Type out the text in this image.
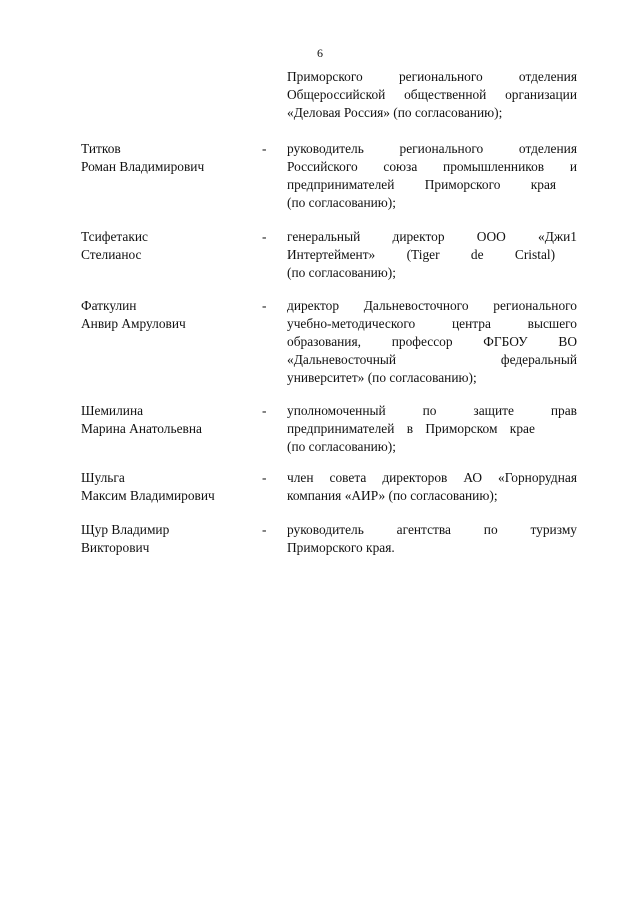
6
Приморского регионального отделения
Общероссийской общественной организации
«Деловая Россия» (по согласованию);
Титков
Роман Владимирович
- руководитель регионального отделения
Российского союза промышленников и
предпринимателей Приморского края
(по согласованию);
Тсифетакис
Стелианос
- генеральный директор ООО «Джи1
Интертеймент» (Tiger de Cristal)
(по согласованию);
Фаткулин
Анвир Амрулович
- директор Дальневосточного регионального
учебно-методического центра высшего
образования, профессор ФГБОУ ВО
«Дальневосточный федеральный
университет» (по согласованию);
Шемилина
Марина Анатольевна
- уполномоченный по защите прав
предпринимателей в Приморском крае
(по согласованию);
Шульга
Максим Владимирович
- член совета директоров АО «Горнорудная
компания «АИР» (по согласованию);
Щур Владимир
Викторович
- руководитель агентства по туризму
Приморского края.
